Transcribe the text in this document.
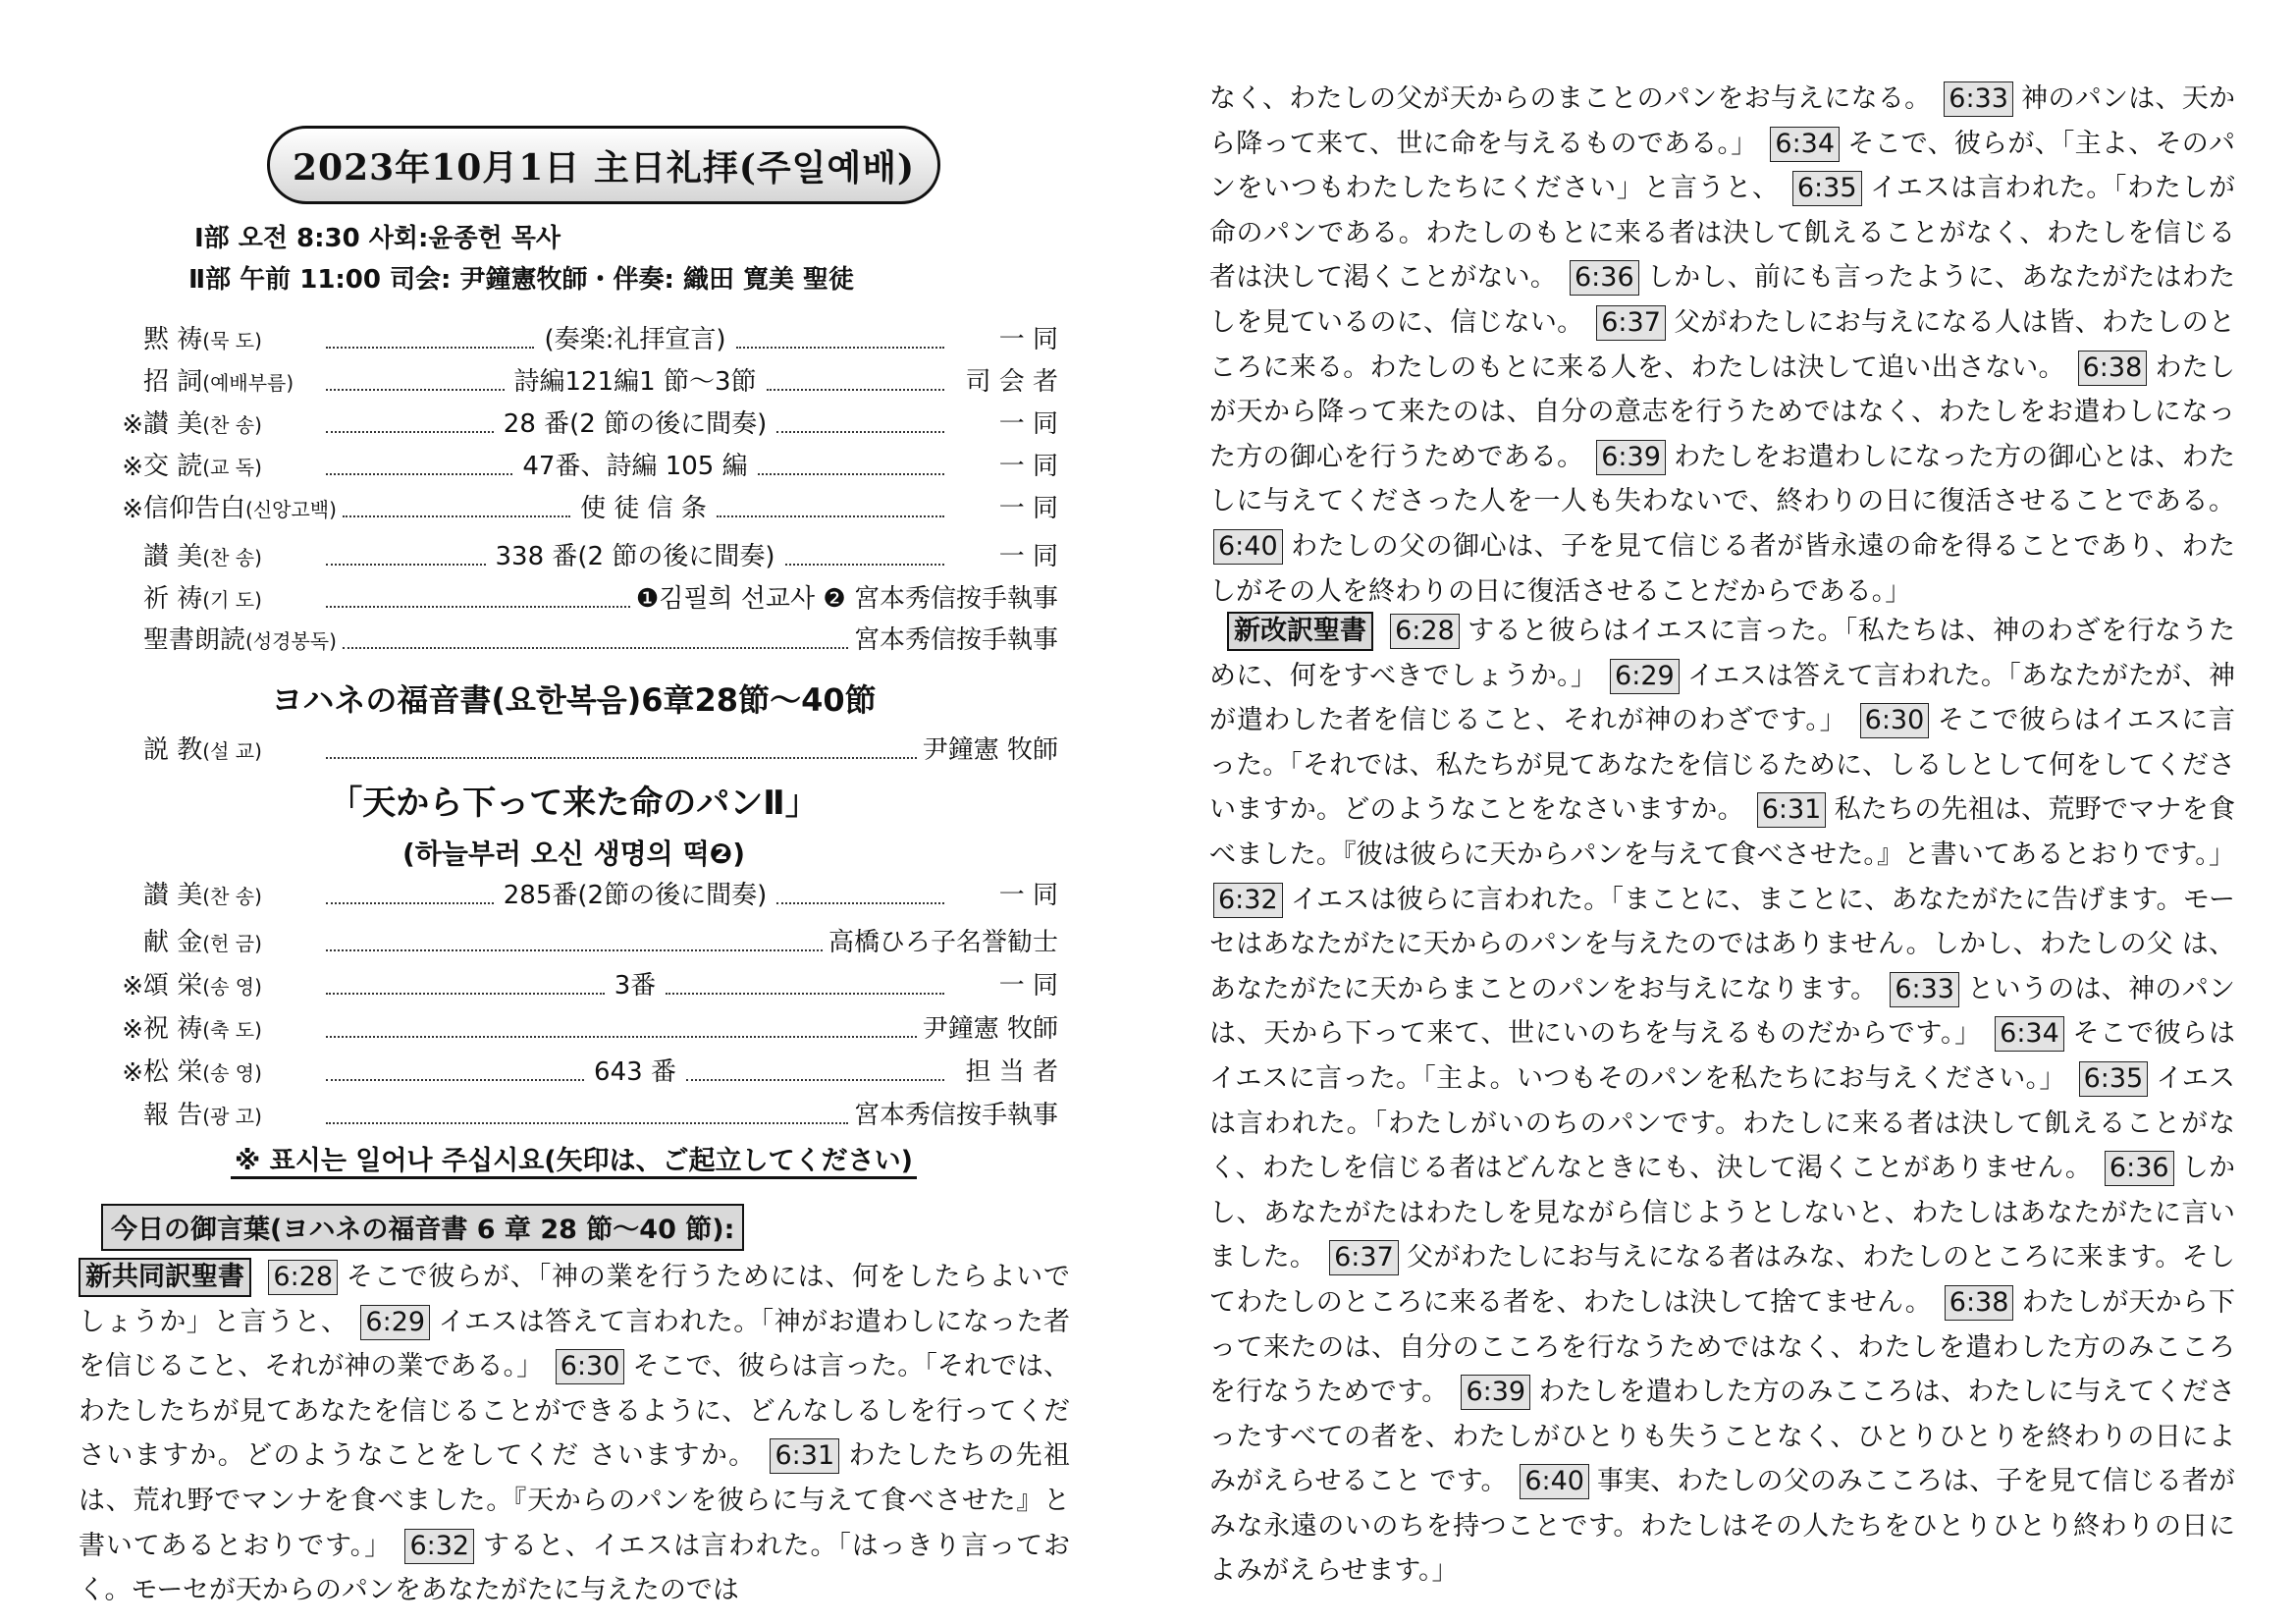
2023年10月1日 主日礼拝(주일예배)
Ⅰ部 오전 8:30 사회:윤종헌 목사
Ⅱ部 午前 11:00 司会: 尹鐘憲牧師・伴奏: 織田 寛美 聖徒
黙 祷(묵 도)	(奏楽:礼拝宣言)	一 同
招 詞(예배부름)	詩編121編1 節～3節	司 会 者
※ 讃 美(찬 송)	28 番(2 節の後に間奏)	一 同
※ 交 読(교 독)	47番、詩編 105 編	一 同
※ 信仰告白(신앙고백)	使 徒 信 条	一 同
讃 美(찬 송)	338 番(2 節の後に間奏)	一 同
祈 祷(기 도)	❶김필희 선교사 ❷ 宮本秀信按手執事
聖書朗読(성경봉독)	宮本秀信按手執事
説 教(설 교)	尹鐘憲 牧師
讃 美(찬 송)	285番(2節の後に間奏)	一 同
献 金(헌 금)	高橋ひろ子名誉勧士
※ 頌 栄(송 영)	3番	一 同
※ 祝 祷(축 도)	尹鐘憲 牧師
※ 松 栄(송 영)	643 番	担 当 者
報 告(광 고)	宮本秀信按手執事
ヨハネの福音書(요한복음)6章28節～40節
「天から下って来た命のパンⅡ」
(하늘부러 오신 생명의 떡❷)
※ 표시는 일어나 주십시요(矢印は、ご起立してください)
今日の御言葉(ヨハネの福音書 6 章 28 節～40 節):
新共同訳聖書 6:28 そこで彼らが、「神の業を行うためには、何をしたらよいでしょうか」と言うと、 6:29 イエスは答えて言われた。「神がお遣わしになった者を信じること、それが神の業である。」 6:30 そこで、彼らは言った。「それでは、わたしたちが見てあなたを信じることができるように、どんなしるしを行ってくださいますか。どのようなことをしてくだ さいますか。 6:31 わたしたちの先祖は、荒れ野でマンナを食べました。『天からのパンを彼らに与えて食べさせた』と書いてあるとおりです。」 6:32 すると、イエスは言われた。「はっきり言っておく。モーセが天からのパンをあなたがたに与えたのでは
なく、わたしの父が天からのまことのパンをお与えになる。 6:33 神のパンは、天から降って来て、世に命を与えるものである。」 6:34 そこで、彼らが、「主よ、そのパンをいつもわたしたちにください」と言うと、 6:35 イエスは言われた。「わたしが命のパンである。わたしのもとに来る者は決して飢えることがなく、わたしを信じる者は決して渇くことがない。 6:36 しかし、前にも言ったように、あなたがたはわたしを見ているのに、信じない。 6:37 父がわたしにお与えになる人は皆、わたしのところに来る。わたしのもとに来る人を、わたしは決して追い出さない。 6:38 わたしが天から降って来たのは、自分の意志を行うためではなく、わたしをお遣わしになった方の御心を行うためである。 6:39 わたしをお遣わしになった方の御心とは、わたしに与えてくださった人を一人も失わないで、終わりの日に復活させることである。 6:40 わたしの父の御心は、子を見て信じる者が皆永遠の命を得ることであり、わたしがその人を終わりの日に復活させることだからである。」
新改訳聖書 6:28 すると彼らはイエスに言った。「私たちは、神のわざを行なうために、何をすべきでしょうか。」 6:29 イエスは答えて言われた。「あなたがたが、神が遣わした者を信じること、それが神のわざです。」 6:30 そこで彼らはイエスに言った。「それでは、私たちが見てあなたを信じるために、しるしとして何をしてくださいますか。どのようなことをなさいますか。 6:31 私たちの先祖は、荒野でマナを食べました。『彼は彼らに天からパンを与えて食べさせた。』と書いてあるとおりです。」 6:32 イエスは彼らに言われた。「まことに、まことに、あなたがたに告げます。モーセはあなたがたに天からのパンを与えたのではありません。しかし、わたしの父 は、あなたがたに天からまことのパンをお与えになります。 6:33 というのは、神のパンは、天から下って来て、世にいのちを与えるものだからです。」 6:34 そこで彼らはイエスに言った。「主よ。いつもそのパンを私たちにお与えください。」 6:35 イエスは言われた。「わたしがいのちのパンです。わたしに来る者は決して飢えることがなく、わたしを信じる者はどんなときにも、決して渇くことがありません。 6:36 しかし、あなたがたはわたしを見ながら信じようとしないと、わたしはあなたがたに言いました。 6:37 父がわたしにお与えになる者はみな、わたしのところに来ます。そしてわたしのところに来る者を、わたしは決して捨てません。 6:38 わたしが天から下って来たのは、自分のこころを行なうためではなく、わたしを遣わした方のみこころを行なうためです。 6:39 わたしを遣わした方のみこころは、わたしに与えてくださったすべての者を、わたしがひとりも失うことなく、ひとりひとりを終わりの日によみがえらせること です。 6:40 事実、わたしの父のみこころは、子を見て信じる者がみな永遠のいのちを持つことです。わたしはその人たちをひとりひとり終わりの日によみがえらせます。」
